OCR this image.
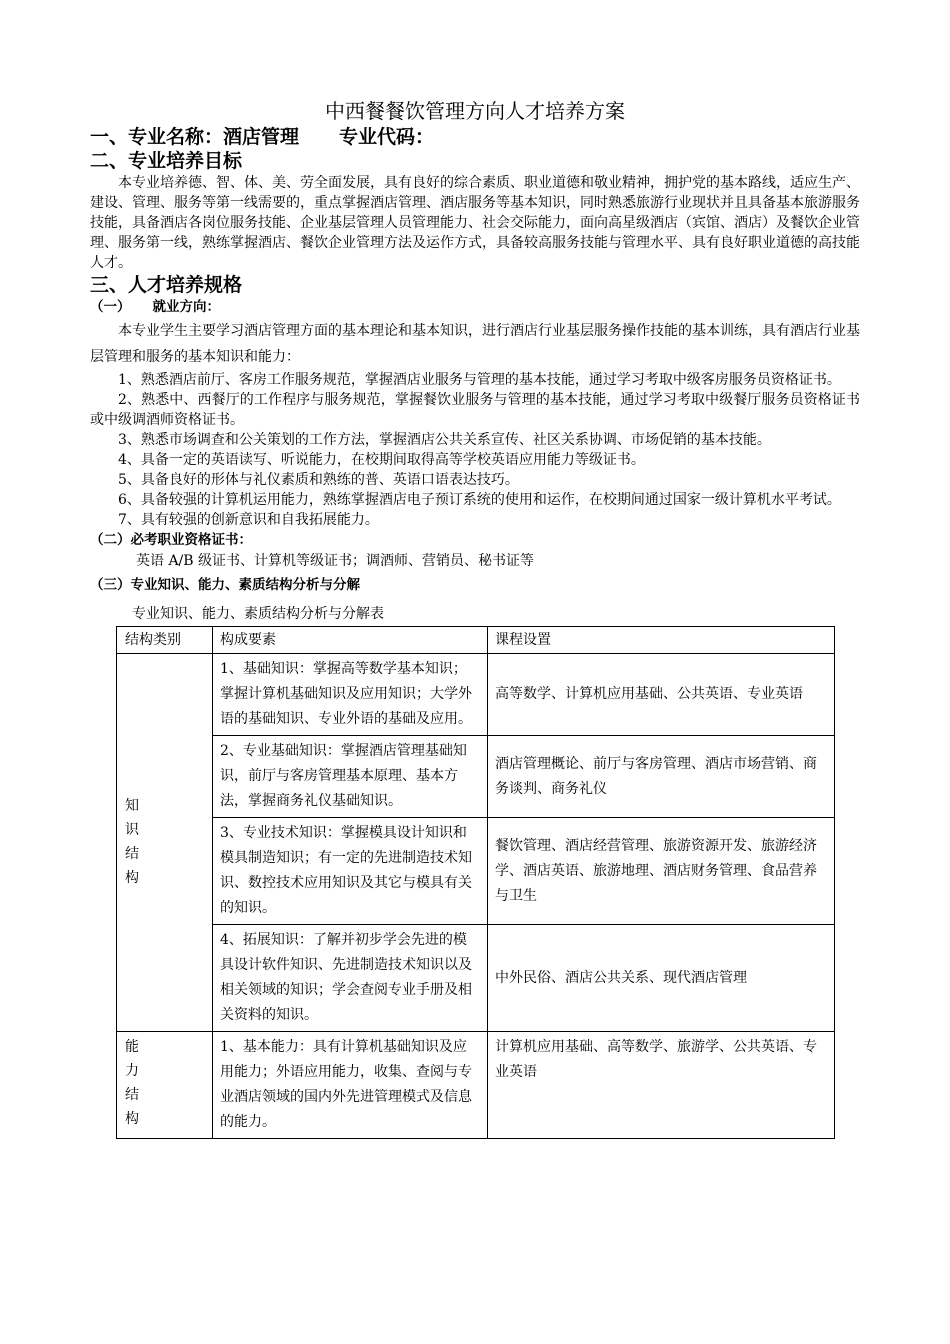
中西餐餐饮管理方向人才培养方案

一、专业名称：酒店管理 专业代码：

二、专业培养目标

本专业培养德、智、体、美、劳全面发展，具有良好的综合素质、职业道德和敬业精神，拥护党的基本路线，适应生产、建设、管理、服务等第一线需要的，重点掌握酒店管理、酒店服务等基本知识，同时熟悉旅游行业现状并且具备基本旅游服务技能，具备酒店各岗位服务技能、企业基层管理人员管理能力、社会交际能力，面向高星级酒店（宾馆、酒店）及餐饮企业管理、服务第一线，熟练掌握酒店、餐饮企业管理方法及运作方式，具备较高服务技能与管理水平、具有良好职业道德的高技能人才。

三、人才培养规格

（一） 就业方向：

本专业学生主要学习酒店管理方面的基本理论和基本知识，进行酒店行业基层服务操作技能的基本训练，具有酒店行业基层管理和服务的基本知识和能力：

1、熟悉酒店前厅、客房工作服务规范，掌握酒店业服务与管理的基本技能，通过学习考取中级客房服务员资格证书。

2、熟悉中、西餐厅的工作程序与服务规范，掌握餐饮业服务与管理的基本技能，通过学习考取中级餐厅服务员资格证书或中级调酒师资格证书。

3、熟悉市场调查和公关策划的工作方法，掌握酒店公共关系宣传、社区关系协调、市场促销的基本技能。

4、具备一定的英语读写、听说能力，在校期间取得高等学校英语应用能力等级证书。

5、具备良好的形体与礼仪素质和熟练的普、英语口语表达技巧。

6、具备较强的计算机运用能力，熟练掌握酒店电子预订系统的使用和运作，在校期间通过国家一级计算机水平考试。

7、具有较强的创新意识和自我拓展能力。

（二）必考职业资格证书：

英语 A/B 级证书、计算机等级证书；调酒师、营销员、秘书证等

（三）专业知识、能力、素质结构分析与分解

专业知识、能力、素质结构分析与分解表

结构类别	构成要素	课程设置
知识结构	1、基础知识：掌握高等数学基本知识；掌握计算机基础知识及应用知识；大学外语的基础知识、专业外语的基础及应用。	高等数学、计算机应用基础、公共英语、专业英语
	2、专业基础知识：掌握酒店管理基础知识，前厅与客房管理基本原理、基本方法，掌握商务礼仪基础知识。	酒店管理概论、前厅与客房管理、酒店市场营销、商务谈判、商务礼仪
	3、专业技术知识：掌握模具设计知识和模具制造知识；有一定的先进制造技术知识、数控技术应用知识及其它与模具有关的知识。	餐饮管理、酒店经营管理、旅游资源开发、旅游经济学、酒店英语、旅游地理、酒店财务管理、食品营养与卫生
	4、拓展知识：了解并初步学会先进的模具设计软件知识、先进制造技术知识以及相关领域的知识；学会查阅专业手册及相关资料的知识。	中外民俗、酒店公共关系、现代酒店管理
能力结构	1、基本能力：具有计算机基础知识及应用能力；外语应用能力，收集、查阅与专业酒店领域的国内外先进管理模式及信息的能力。	计算机应用基础、高等数学、旅游学、公共英语、专业英语
